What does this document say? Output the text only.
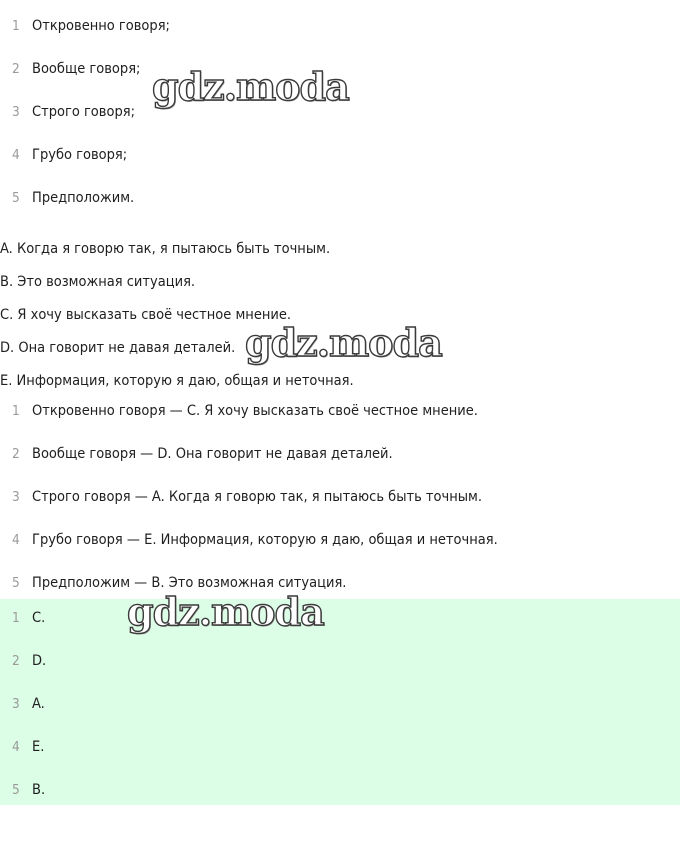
1 Откровенно говоря;
2 Вообще говоря;
3 Строго говоря;
4 Грубо говоря;
5 Предположим.
A. Когда я говорю так, я пытаюсь быть точным.
B. Это возможная ситуация.
C. Я хочу высказать своё честное мнение.
D. Она говорит не давая деталей.
E. Информация, которую я даю, общая и неточная.
1 Откровенно говоря — C. Я хочу высказать своё честное мнение.
2 Вообще говоря — D. Она говорит не давая деталей.
3 Строго говоря — A. Когда я говорю так, я пытаюсь быть точным.
4 Грубо говоря — E. Информация, которую я даю, общая и неточная.
5 Предположим — B. Это возможная ситуация.
1 C.
2 D.
3 A.
4 E.
5 B.
gdz.moda
gdz.moda
gdz.moda
